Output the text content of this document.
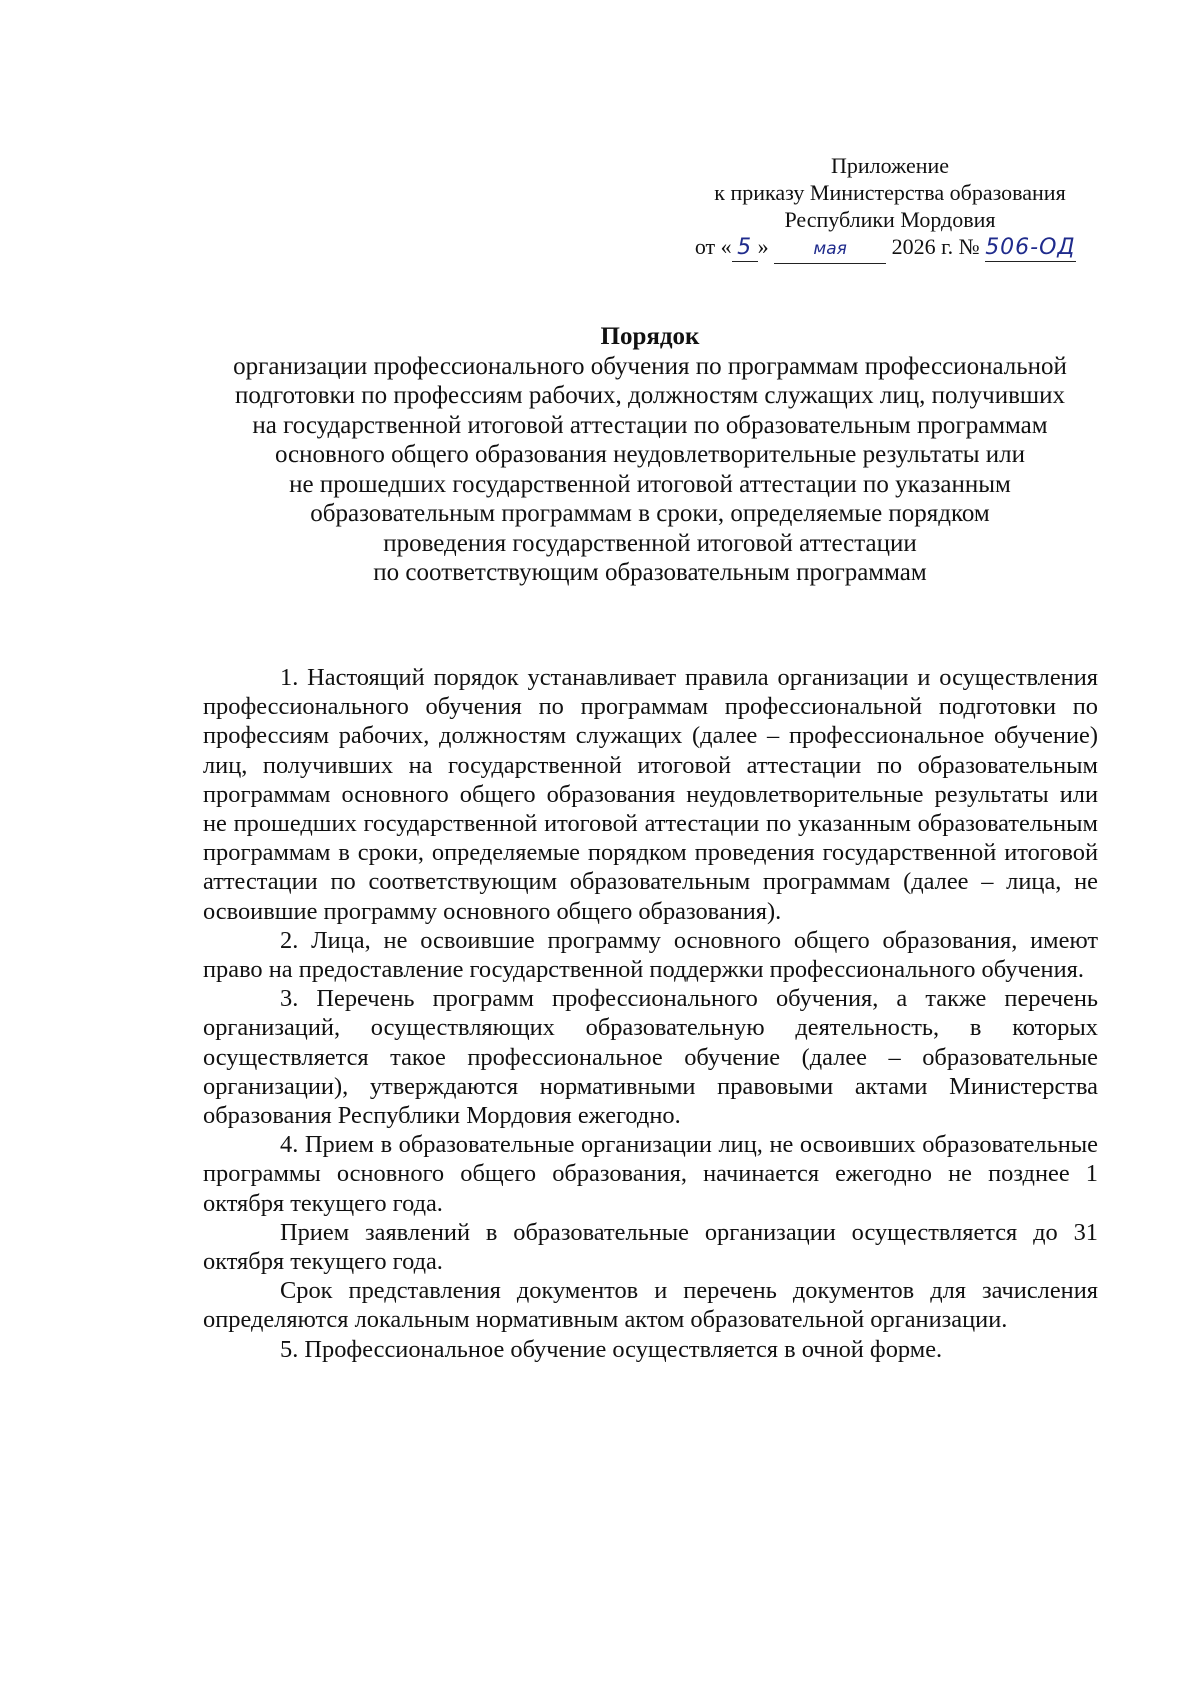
Приложение
к приказу Министерства образования
Республики Мордовия
от « 5 »	мая 2026 г. № 506-ОД
Порядок
организации профессионального обучения по программам профессиональной
подготовки по профессиям рабочих, должностям служащих лиц, получивших
на государственной итоговой аттестации по образовательным программам
основного общего образования неудовлетворительные результаты или
не прошедших государственной итоговой аттестации по указанным
образовательным программам в сроки, определяемые порядком
проведения государственной итоговой аттестации
по соответствующим образовательным программам

1. Настоящий порядок устанавливает правила организации и осуществления профессионального обучения по программам профессиональной подготовки по профессиям рабочих, должностям служащих (далее – профессиональное обучение) лиц, получивших на государственной итоговой аттестации по образовательным программам основного общего образования неудовлетворительные результаты или не прошедших государственной итоговой аттестации по указанным образовательным программам в сроки, определяемые порядком проведения государственной итоговой аттестации по соответствующим образовательным программам (далее – лица, не освоившие программу основного общего образования).

2. Лица, не освоившие программу основного общего образования, имеют право на предоставление государственной поддержки профессионального обучения.

3. Перечень программ профессионального обучения, а также перечень организаций, осуществляющих образовательную деятельность, в которых осуществляется такое профессиональное обучение (далее – образовательные организации), утверждаются нормативными правовыми актами Министерства образования Республики Мордовия ежегодно.

4. Прием в образовательные организации лиц, не освоивших образовательные программы основного общего образования, начинается ежегодно не позднее 1 октября текущего года.

Прием заявлений в образовательные организации осуществляется до 31 октября текущего года.

Срок представления документов и перечень документов для зачисления определяются локальным нормативным актом образовательной организации.

5. Профессиональное обучение осуществляется в очной форме.
